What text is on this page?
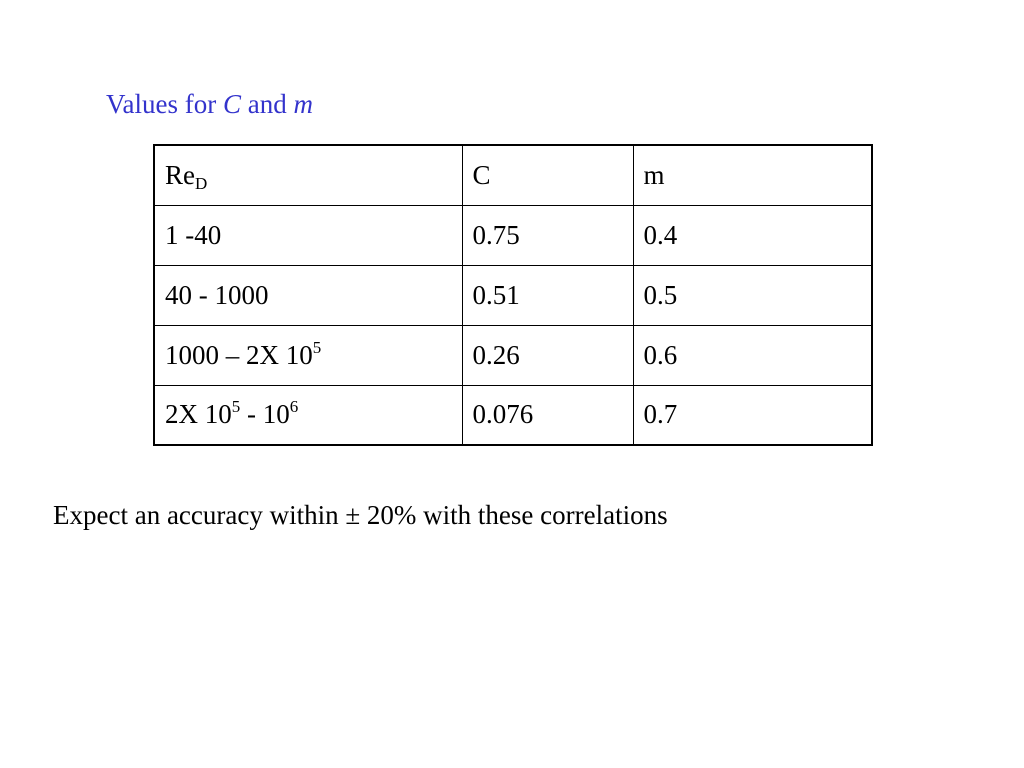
Values for C and m
$Re_D$	C	m
1 -40	0.75	0.4
40 - 1000	0.51	0.5
1000 – 2X $10^5$	0.26	0.6
2X $10^5 - 10^6$	0.076	0.7
Expect an accuracy within ± 20% with these correlations
